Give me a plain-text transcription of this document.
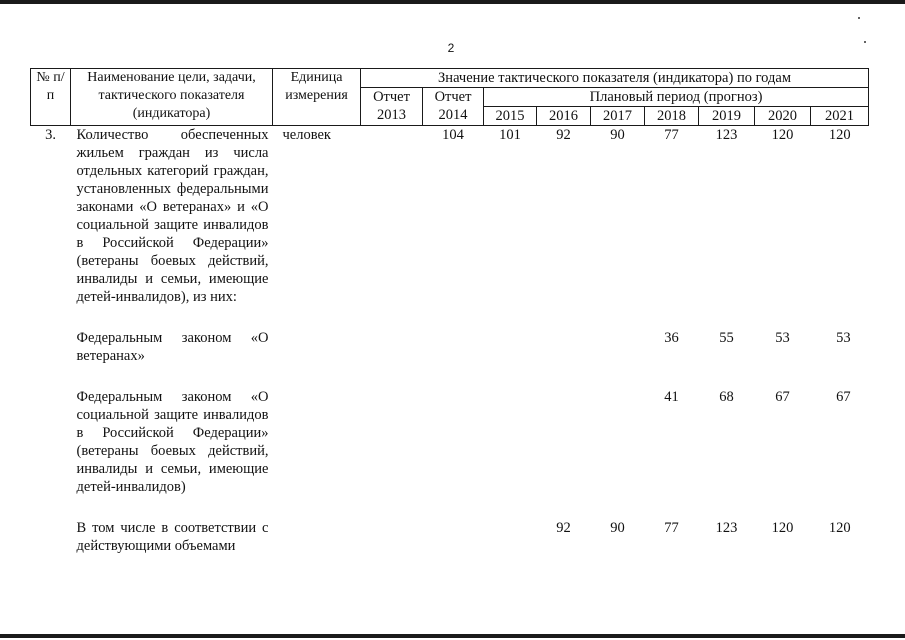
2
№ п/п	Наименование цели, задачи, тактического показателя (индикатора)	Единица измерения	Значение тактического показателя (индикатора) по годам								
			Отчет 2013	Отчет 2014	Плановый период (прогноз)						
					2015	2016	2017	2018	2019	2020	2021
3.	Количество обеспеченных жильем граждан из числа отдельных категорий граждан, установленных федеральными законами «О ветеранах» и «О социальной защите инвалидов в Российской Федерации» (ветераны боевых действий, инвалиды и семьи, имеющие детей-инвалидов), из них:	человек		104	101	92	90	77	123	120	120

	Федеральным законом «О ветеранах»							36	55	53	53

	Федеральным законом «О социальной защите инвалидов в Российской Федерации» (ветераны боевых действий, инвалиды и семьи, имеющие детей-инвалидов)							41	68	67	67

	В том числе в соответствии с действующими объемами					92	90	77	123	120	120
